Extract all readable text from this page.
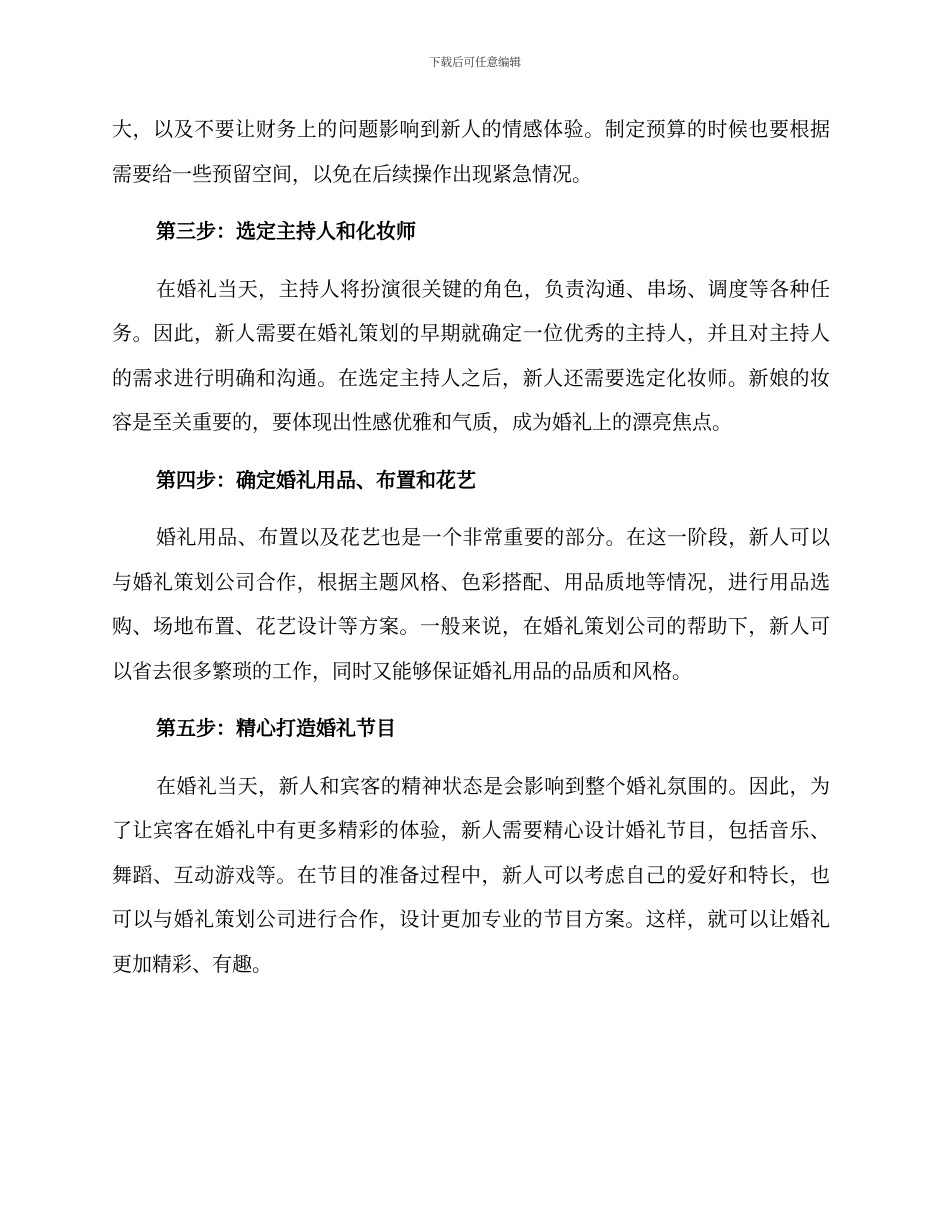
下载后可任意编辑

大，以及不要让财务上的问题影响到新人的情感体验。制定预算的时候也要根据需要给一些预留空间，以免在后续操作出现紧急情况。

第三步：选定主持人和化妆师

在婚礼当天，主持人将扮演很关键的角色，负责沟通、串场、调度等各种任务。因此，新人需要在婚礼策划的早期就确定一位优秀的主持人，并且对主持人的需求进行明确和沟通。在选定主持人之后，新人还需要选定化妆师。新娘的妆容是至关重要的，要体现出性感优雅和气质，成为婚礼上的漂亮焦点。

第四步：确定婚礼用品、布置和花艺

婚礼用品、布置以及花艺也是一个非常重要的部分。在这一阶段，新人可以与婚礼策划公司合作，根据主题风格、色彩搭配、用品质地等情况，进行用品选购、场地布置、花艺设计等方案。一般来说，在婚礼策划公司的帮助下，新人可以省去很多繁琐的工作，同时又能够保证婚礼用品的品质和风格。

第五步：精心打造婚礼节目

在婚礼当天，新人和宾客的精神状态是会影响到整个婚礼氛围的。因此，为了让宾客在婚礼中有更多精彩的体验，新人需要精心设计婚礼节目，包括音乐、舞蹈、互动游戏等。在节目的准备过程中，新人可以考虑自己的爱好和特长，也可以与婚礼策划公司进行合作，设计更加专业的节目方案。这样，就可以让婚礼更加精彩、有趣。
